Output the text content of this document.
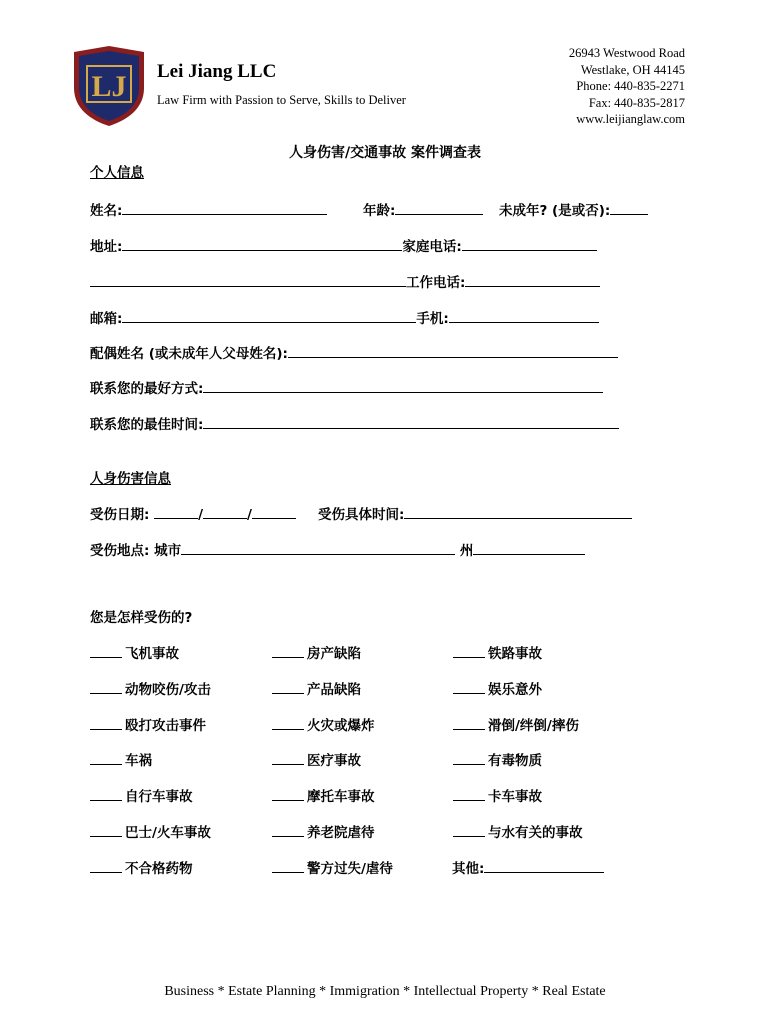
LJ Lei Jiang LLC
Law Firm with Passion to Serve, Skills to Deliver
26943 Westwood Road
Westlake, OH 44145
Phone: 440-835-2271
Fax: 440-835-2817
www.leijianglaw.com
人身伤害/交通事故 案件调查表
个人信息
姓名:	年龄:	未成年? (是或否):
地址:	家庭电话:
工作电话:
邮箱:	手机:
配偶姓名 (或未成年人父母姓名):
联系您的最好方式:
联系您的最佳时间:
人身伤害信息
受伤日期:	/	/	受伤具体时间:
受伤地点: 城市	州
您是怎样受伤的?
飞机事故	房产缺陷	铁路事故
动物咬伤/攻击	产品缺陷	娱乐意外
殴打攻击事件	火灾或爆炸	滑倒/绊倒/摔伤
车祸	医疗事故	有毒物质
自行车事故	摩托车事故	卡车事故
巴士/火车事故	养老院虐待	与水有关的事故
不合格药物	警方过失/虐待	其他:
Business * Estate Planning * Immigration * Intellectual Property * Real Estate
